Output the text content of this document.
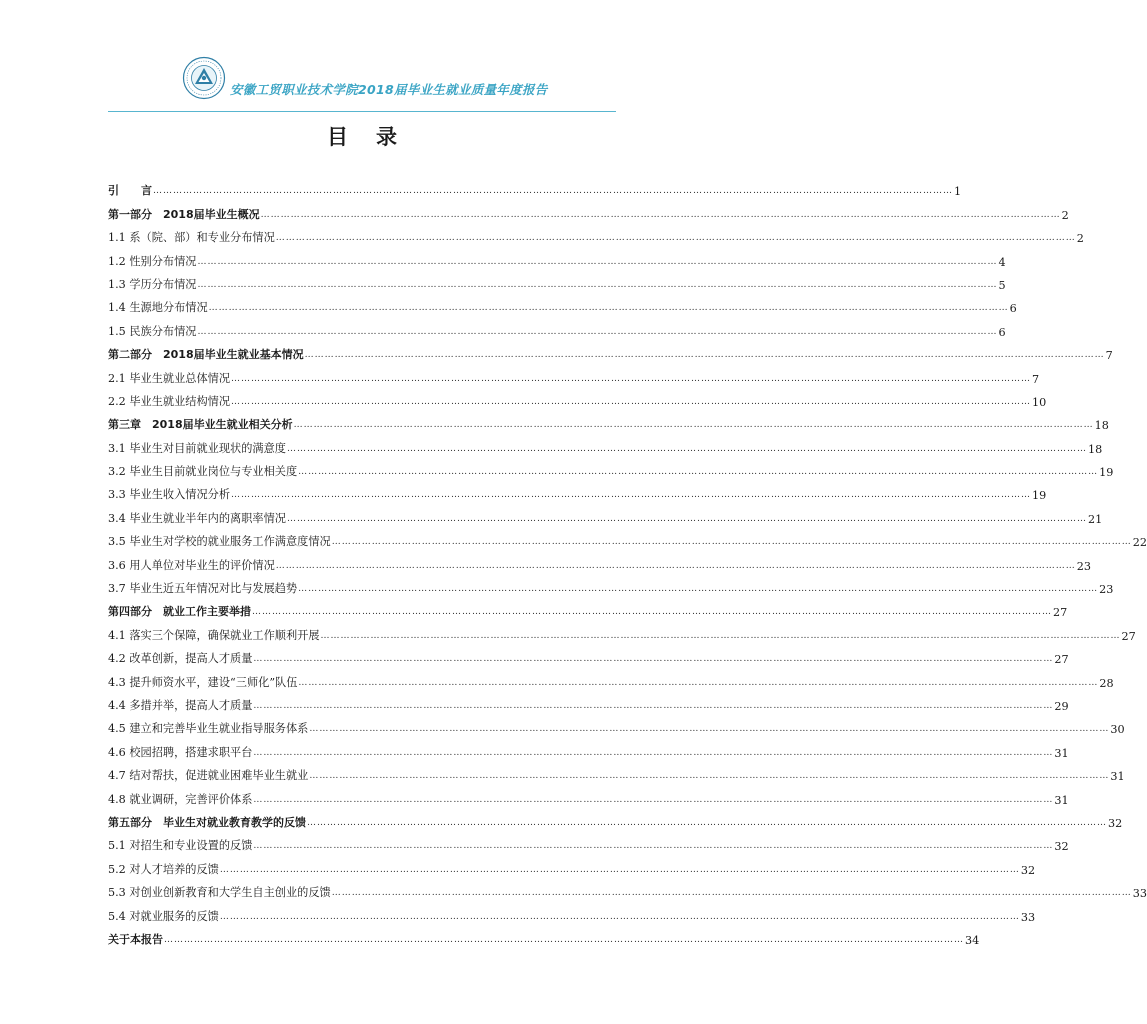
安徽工贸职业技术学院2018届毕业生就业质量年度报告
目录
引　　言 …………………………………………………………………………………………………………………………………………………………………………………………………………………… 1
第一部分　2018届毕业生概况 …………………………………………………………………………………………………………………………………………………………………………………………………………………… 2
1.1 系（院、部）和专业分布情况 …………………………………………………………………………………………………………………………………………………………………………………………………………………… 2
1.2 性别分布情况 …………………………………………………………………………………………………………………………………………………………………………………………………………………… 4
1.3 学历分布情况 …………………………………………………………………………………………………………………………………………………………………………………………………………………… 5
1.4 生源地分布情况 …………………………………………………………………………………………………………………………………………………………………………………………………………………… 6
1.5 民族分布情况 …………………………………………………………………………………………………………………………………………………………………………………………………………………… 6
第二部分　2018届毕业生就业基本情况 …………………………………………………………………………………………………………………………………………………………………………………………………………………… 7
2.1 毕业生就业总体情况 …………………………………………………………………………………………………………………………………………………………………………………………………………………… 7
2.2 毕业生就业结构情况 …………………………………………………………………………………………………………………………………………………………………………………………………………………… 10
第三章　2018届毕业生就业相关分析 …………………………………………………………………………………………………………………………………………………………………………………………………………………… 18
3.1 毕业生对目前就业现状的满意度 …………………………………………………………………………………………………………………………………………………………………………………………………………………… 18
3.2 毕业生目前就业岗位与专业相关度 …………………………………………………………………………………………………………………………………………………………………………………………………………………… 19
3.3 毕业生收入情况分析 …………………………………………………………………………………………………………………………………………………………………………………………………………………… 19
3.4 毕业生就业半年内的离职率情况 …………………………………………………………………………………………………………………………………………………………………………………………………………………… 21
3.5 毕业生对学校的就业服务工作满意度情况 …………………………………………………………………………………………………………………………………………………………………………………………………………………… 22
3.6 用人单位对毕业生的评价情况 …………………………………………………………………………………………………………………………………………………………………………………………………………………… 23
3.7 毕业生近五年情况对比与发展趋势 …………………………………………………………………………………………………………………………………………………………………………………………………………………… 23
第四部分　就业工作主要举措 …………………………………………………………………………………………………………………………………………………………………………………………………………………… 27
4.1 落实三个保障，确保就业工作顺利开展 …………………………………………………………………………………………………………………………………………………………………………………………………………………… 27
4.2 改革创新，提高人才质量 …………………………………………………………………………………………………………………………………………………………………………………………………………………… 27
4.3 提升师资水平，建设“三师化”队伍 …………………………………………………………………………………………………………………………………………………………………………………………………………………… 28
4.4 多措并举，提高人才质量 …………………………………………………………………………………………………………………………………………………………………………………………………………………… 29
4.5 建立和完善毕业生就业指导服务体系 …………………………………………………………………………………………………………………………………………………………………………………………………………………… 30
4.6 校园招聘，搭建求职平台 …………………………………………………………………………………………………………………………………………………………………………………………………………………… 31
4.7 结对帮扶，促进就业困难毕业生就业 …………………………………………………………………………………………………………………………………………………………………………………………………………………… 31
4.8 就业调研，完善评价体系 …………………………………………………………………………………………………………………………………………………………………………………………………………………… 31
第五部分　毕业生对就业教育教学的反馈 …………………………………………………………………………………………………………………………………………………………………………………………………………………… 32
5.1 对招生和专业设置的反馈 …………………………………………………………………………………………………………………………………………………………………………………………………………………… 32
5.2 对人才培养的反馈 …………………………………………………………………………………………………………………………………………………………………………………………………………………… 32
5.3 对创业创新教育和大学生自主创业的反馈 …………………………………………………………………………………………………………………………………………………………………………………………………………………… 33
5.4 对就业服务的反馈 …………………………………………………………………………………………………………………………………………………………………………………………………………………… 33
关于本报告 …………………………………………………………………………………………………………………………………………………………………………………………………………………… 34
